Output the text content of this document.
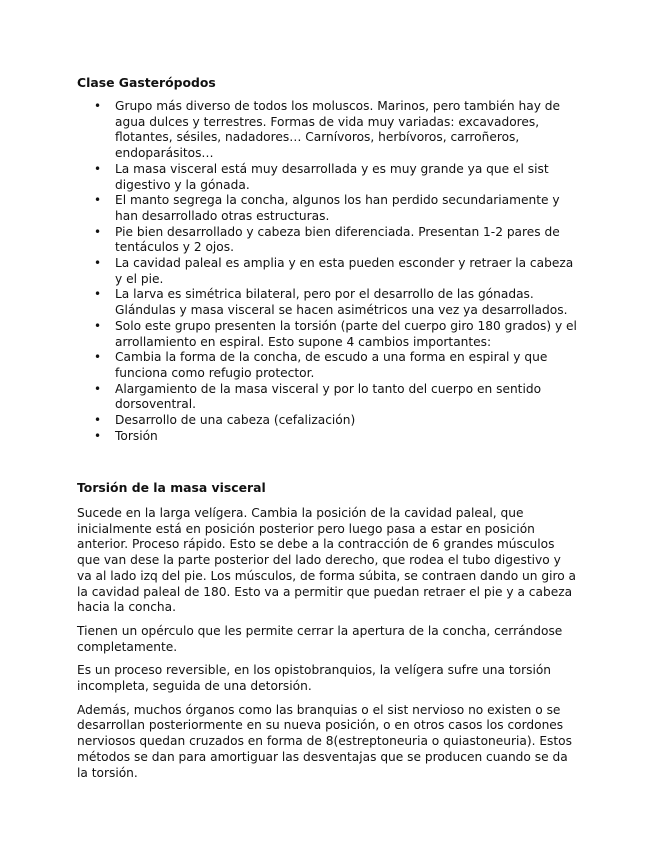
Clase Gasterópodos
• Grupo más diverso de todos los moluscos. Marinos, pero también hay de agua dulces y terrestres. Formas de vida muy variadas: excavadores, flotantes, sésiles, nadadores… Carnívoros, herbívoros, carroñeros, endoparásitos…
• La masa visceral está muy desarrollada y es muy grande ya que el sist digestivo y la gónada.
• El manto segrega la concha, algunos los han perdido secundariamente y han desarrollado otras estructuras.
• Pie bien desarrollado y cabeza bien diferenciada. Presentan 1-2 pares de tentáculos y 2 ojos.
• La cavidad paleal es amplia y en esta pueden esconder y retraer la cabeza y el pie.
• La larva es simétrica bilateral, pero por el desarrollo de las gónadas. Glándulas y masa visceral se hacen asimétricos una vez ya desarrollados.
• Solo este grupo presenten la torsión (parte del cuerpo giro 180 grados) y el arrollamiento en espiral. Esto supone 4 cambios importantes:
• Cambia la forma de la concha, de escudo a una forma en espiral y que funciona como refugio protector.
• Alargamiento de la masa visceral y por lo tanto del cuerpo en sentido dorsoventral.
• Desarrollo de una cabeza (cefalización)
• Torsión
Torsión de la masa visceral

Sucede en la larga velígera. Cambia la posición de la cavidad paleal, que inicialmente está en posición posterior pero luego pasa a estar en posición anterior. Proceso rápido. Esto se debe a la contracción de 6 grandes músculos que van dese la parte posterior del lado derecho, que rodea el tubo digestivo y va al lado izq del pie. Los músculos, de forma súbita, se contraen dando un giro a la cavidad paleal de 180. Esto va a permitir que puedan retraer el pie y a cabeza hacia la concha.

Tienen un opérculo que les permite cerrar la apertura de la concha, cerrándose completamente.

Es un proceso reversible, en los opistobranquios, la velígera sufre una torsión incompleta, seguida de una detorsión.

Además, muchos órganos como las branquias o el sist nervioso no existen o se desarrollan posteriormente en su nueva posición, o en otros casos los cordones nerviosos quedan cruzados en forma de 8(estreptoneuria o quiastoneuria). Estos métodos se dan para amortiguar las desventajas que se producen cuando se da la torsión.
